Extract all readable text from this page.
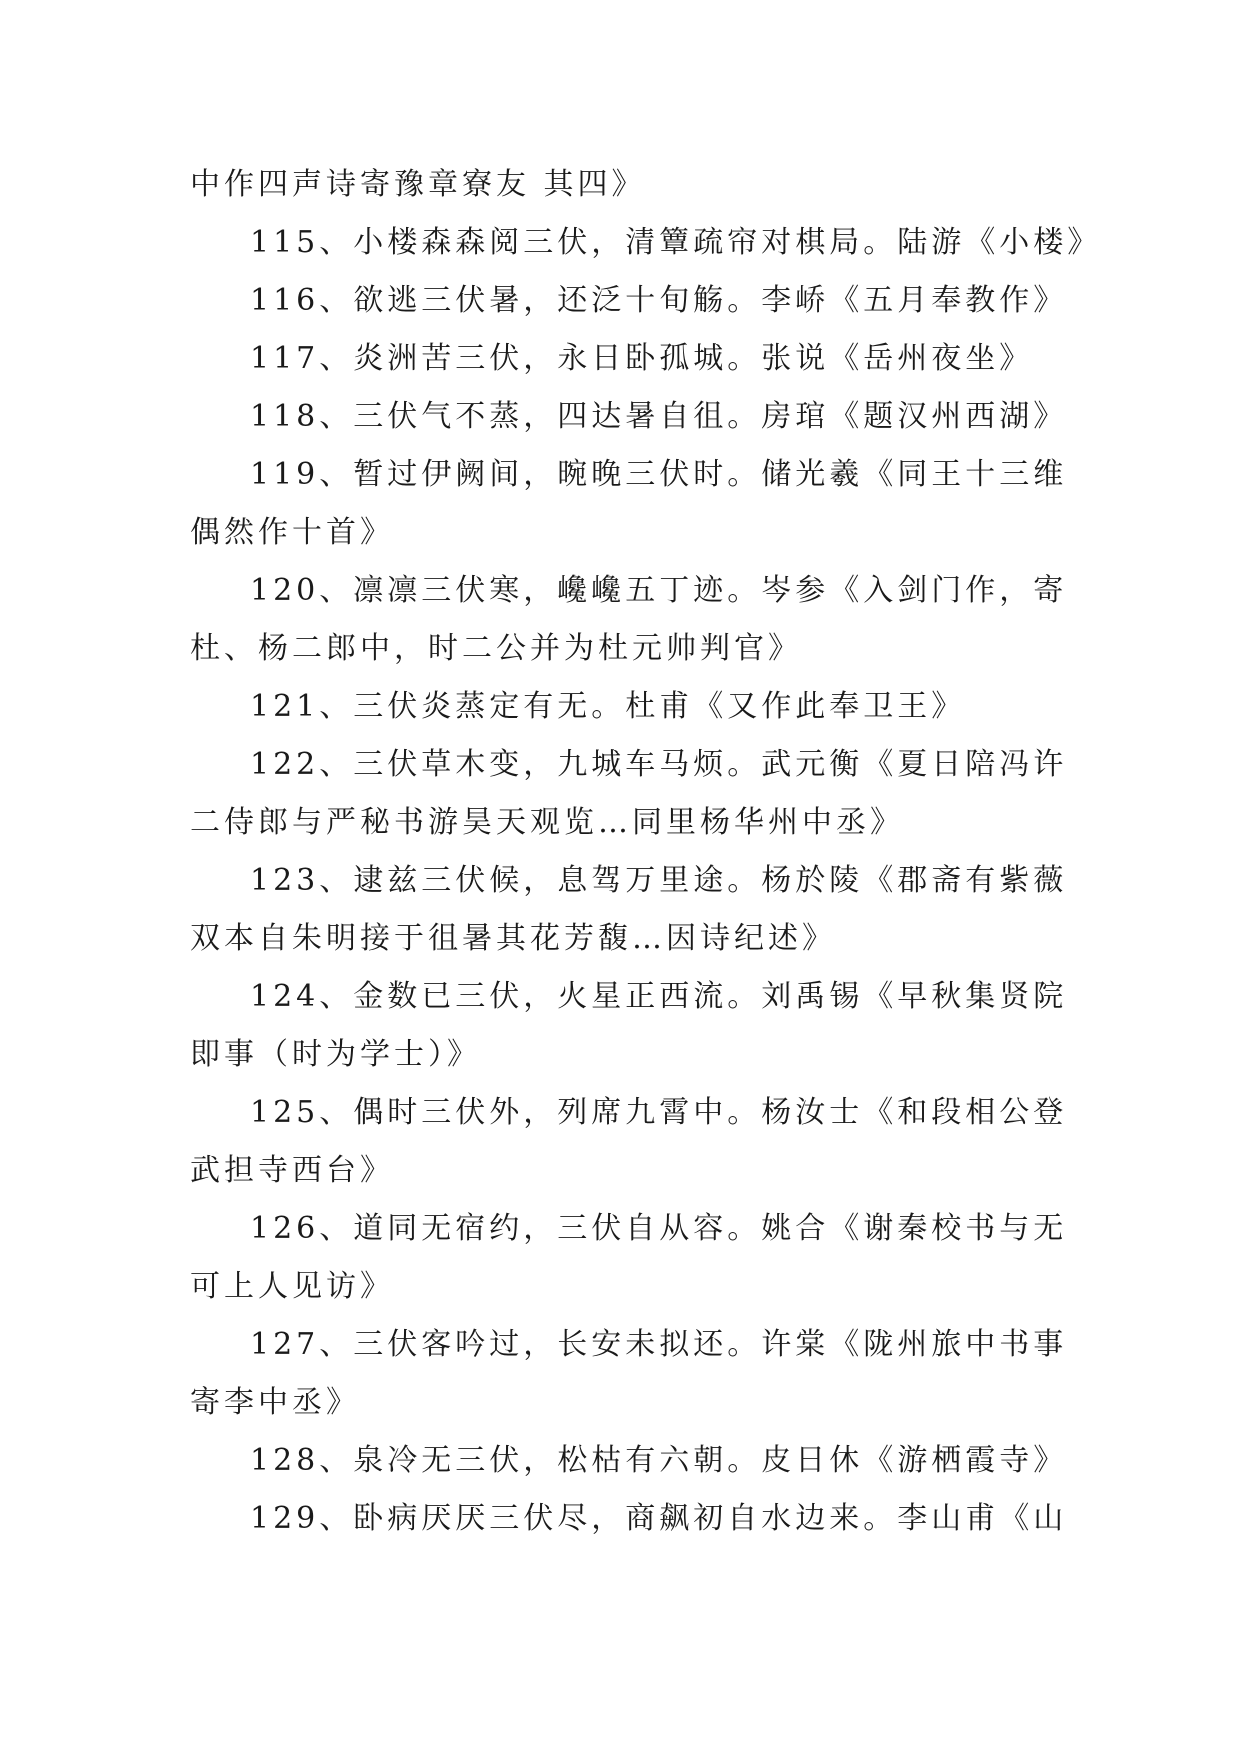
中作四声诗寄豫章寮友 其四》
115、小楼森森阅三伏，清簟疏帘对棋局。陆游《小楼》
116、欲逃三伏暑，还泛十旬觞。李峤《五月奉教作》
117、炎洲苦三伏，永日卧孤城。张说《岳州夜坐》
118、三伏气不蒸，四达暑自徂。房琯《题汉州西湖》
119、暂过伊阙间，晼晚三伏时。储光羲《同王十三维
偶然作十首》
120、凛凛三伏寒，巉巉五丁迹。岑参《入剑门作，寄
杜、杨二郎中，时二公并为杜元帅判官》
121、三伏炎蒸定有无。杜甫《又作此奉卫王》
122、三伏草木变，九城车马烦。武元衡《夏日陪冯许
二侍郎与严秘书游昊天观览…同里杨华州中丞》
123、逮兹三伏候，息驾万里途。杨於陵《郡斋有紫薇
双本自朱明接于徂暑其花芳馥…因诗纪述》
124、金数已三伏，火星正西流。刘禹锡《早秋集贤院
即事（时为学士）》
125、偶时三伏外，列席九霄中。杨汝士《和段相公登
武担寺西台》
126、道同无宿约，三伏自从容。姚合《谢秦校书与无
可上人见访》
127、三伏客吟过，长安未拟还。许棠《陇州旅中书事
寄李中丞》
128、泉冷无三伏，松枯有六朝。皮日休《游栖霞寺》
129、卧病厌厌三伏尽，商飙初自水边来。李山甫《山
